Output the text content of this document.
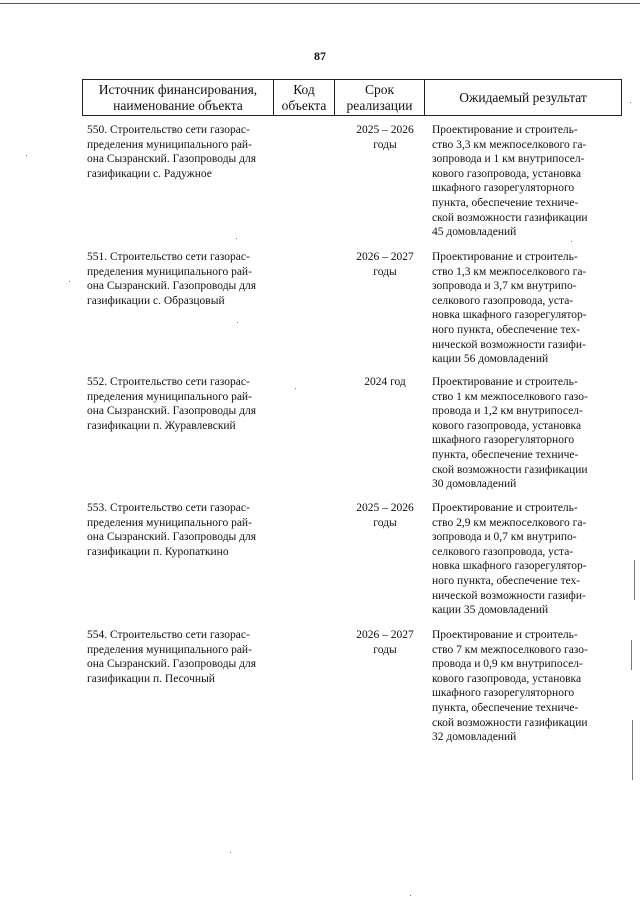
87
Источник финансирования,
наименование объекта
Код
объекта
Срок
реализации
Ожидаемый результат
550. Строительство сети газорас-
пределения муниципального рай-
она Сызранский. Газопроводы для
газификации с. Радужное
2025 – 2026
годы
Проектирование и строитель-
ство 3,3 км межпоселкового га-
зопровода и 1 км внутрипосел-
кового газопровода, установка
шкафного газорегуляторного
пункта, обеспечение техниче-
ской возможности газификации
45 домовладений
551. Строительство сети газорас-
пределения муниципального рай-
она Сызранский. Газопроводы для
газификации с. Образцовый
2026 – 2027
годы
Проектирование и строитель-
ство 1,3 км межпоселкового га-
зопровода и 3,7 км внутрипо-
селкового газопровода, уста-
новка шкафного газорегулятор-
ного пункта, обеспечение тех-
нической возможности газифи-
кации 56 домовладений
552. Строительство сети газорас-
пределения муниципального рай-
она Сызранский. Газопроводы для
газификации п. Журавлевский
2024 год	Проектирование и строитель-
ство 1 км межпоселкового газо-
провода и 1,2 км внутрипосел-
кового газопровода, установка
шкафного газорегуляторного
пункта, обеспечение техниче-
ской возможности газификации
30 домовладений
553. Строительство сети газорас-
пределения муниципального рай-
она Сызранский. Газопроводы для
газификации п. Куропаткино
2025 – 2026
годы
Проектирование и строитель-
ство 2,9 км межпоселкового га-
зопровода и 0,7 км внутрипо-
селкового газопровода, уста-
новка шкафного газорегулятор-
ного пункта, обеспечение тех-
нической возможности газифи-
кации 35 домовладений
554. Строительство сети газорас-
пределения муниципального рай-
она Сызранский. Газопроводы для
газификации п. Песочный
2026 – 2027
годы
Проектирование и строитель-
ство 7 км межпоселкового газо-
провода и 0,9 км внутрипосел-
кового газопровода, установка
шкафного газорегуляторного
пункта, обеспечение техниче-
ской возможности газификации
32 домовладений
